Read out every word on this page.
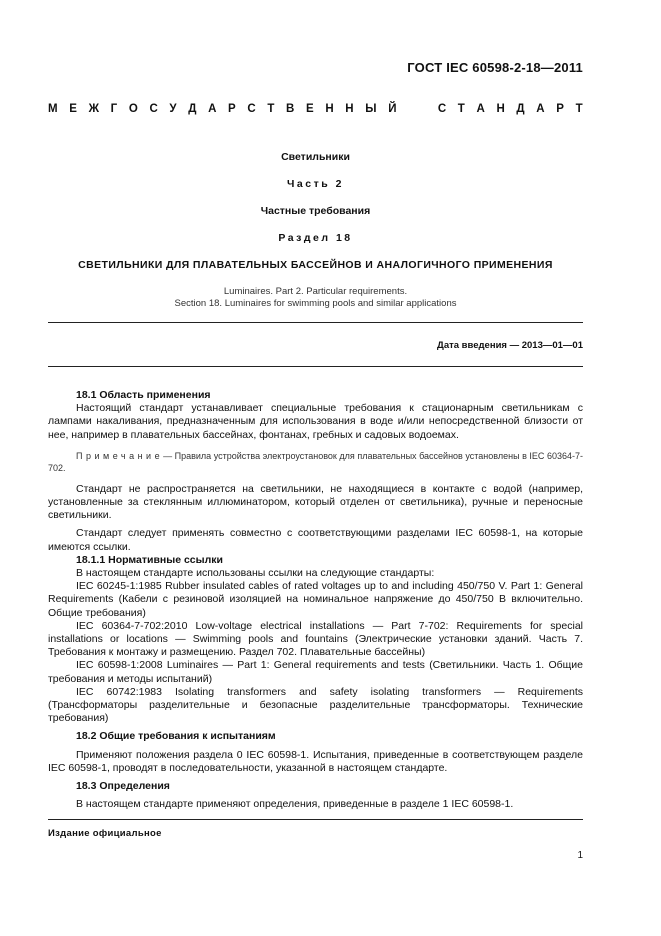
ГОСТ IEC 60598-2-18—2011
М Е Ж Г О С У Д А Р С Т В Е Н Н Ы Й

	С Т А Н Д А Р Т
Светильники
Часть 2
Частные требования
Раздел 18
СВЕТИЛЬНИКИ ДЛЯ ПЛАВАТЕЛЬНЫХ БАССЕЙНОВ И АНАЛОГИЧНОГО ПРИМЕНЕНИЯ
Luminaires. Part 2. Particular requirements.
Section 18. Luminaires for swimming pools and similar applications
Дата введения — 2013—01—01

18.1 Область применения

Настоящий стандарт устанавливает специальные требования к стационарным светильникам с лампами накаливания, предназначенным для использования в воде и/или непосредственной близости от нее, например в плавательных бассейнах, фонтанах, гребных и садовых водоемах.

Примечание— Правила устройства электроустановок для плавательных бассейнов установлены в IEC 60364-7-702.

Стандарт не распространяется на светильники, не находящиеся в контакте с водой (например, установленные за стеклянным иллюминатором, который отделен от светильника), ручные и переносные светильники.

Стандарт следует применять совместно с соответствующими разделами IEC 60598-1, на которые имеются ссылки.

18.1.1 Нормативные ссылки

В настоящем стандарте использованы ссылки на следующие стандарты:

IEC 60245-1:1985 Rubber insulated cables of rated voltages up to and including 450/750 V. Part 1: General Requirements (Кабели с резиновой изоляцией на номинальное напряжение до 450/750 В включительно. Общие требования)

IEC 60364-7-702:2010 Low-voltage electrical installations — Part 7-702: Requirements for special installations or locations — Swimming pools and fountains (Электрические установки зданий. Часть 7. Требования к монтажу и размещению. Раздел 702. Плавательные бассейны)

IEC 60598-1:2008 Luminaires — Part 1: General requirements and tests (Светильники. Часть 1. Общие требования и методы испытаний)

IEC 60742:1983 Isolating transformers and safety isolating transformers — Requirements (Трансформаторы разделительные и безопасные разделительные трансформаторы. Технические требования)

18.2 Общие требования к испытаниям

Применяют положения раздела 0 IEC 60598-1. Испытания, приведенные в соответствующем разделе IEC 60598-1, проводят в последовательности, указанной в настоящем стандарте.

18.3 Определения

В настоящем стандарте применяют определения, приведенные в разделе 1 IEC 60598-1.

Издание официальное
1
